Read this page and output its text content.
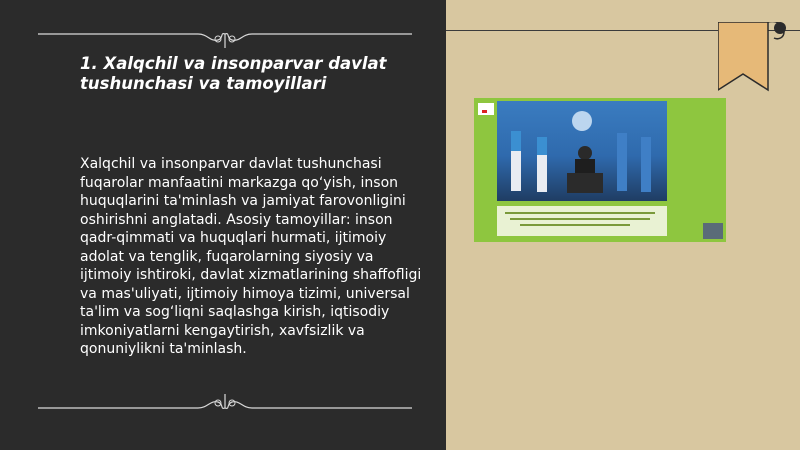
1. Xalqchil va insonparvar davlat tushunchasi va tamoyillari
Xalqchil va insonparvar davlat tushunchasi fuqarolar manfaatini markazga qo‘yish, inson huquqlarini ta'minlash va jamiyat farovonligini oshirishni anglatadi. Asosiy tamoyillar: inson qadr-qimmati va huquqlari hurmati, ijtimoiy adolat va tenglik, fuqarolarning siyosiy va ijtimoiy ishtiroki, davlat xizmatlarining shaffofligi va mas'uliyati, ijtimoiy himoya tizimi, universal ta'lim va sog‘liqni saqlashga kirish, iqtisodiy imkoniyatlarni kengaytirish, xavfsizlik va qonuniylikni ta'minlash.
